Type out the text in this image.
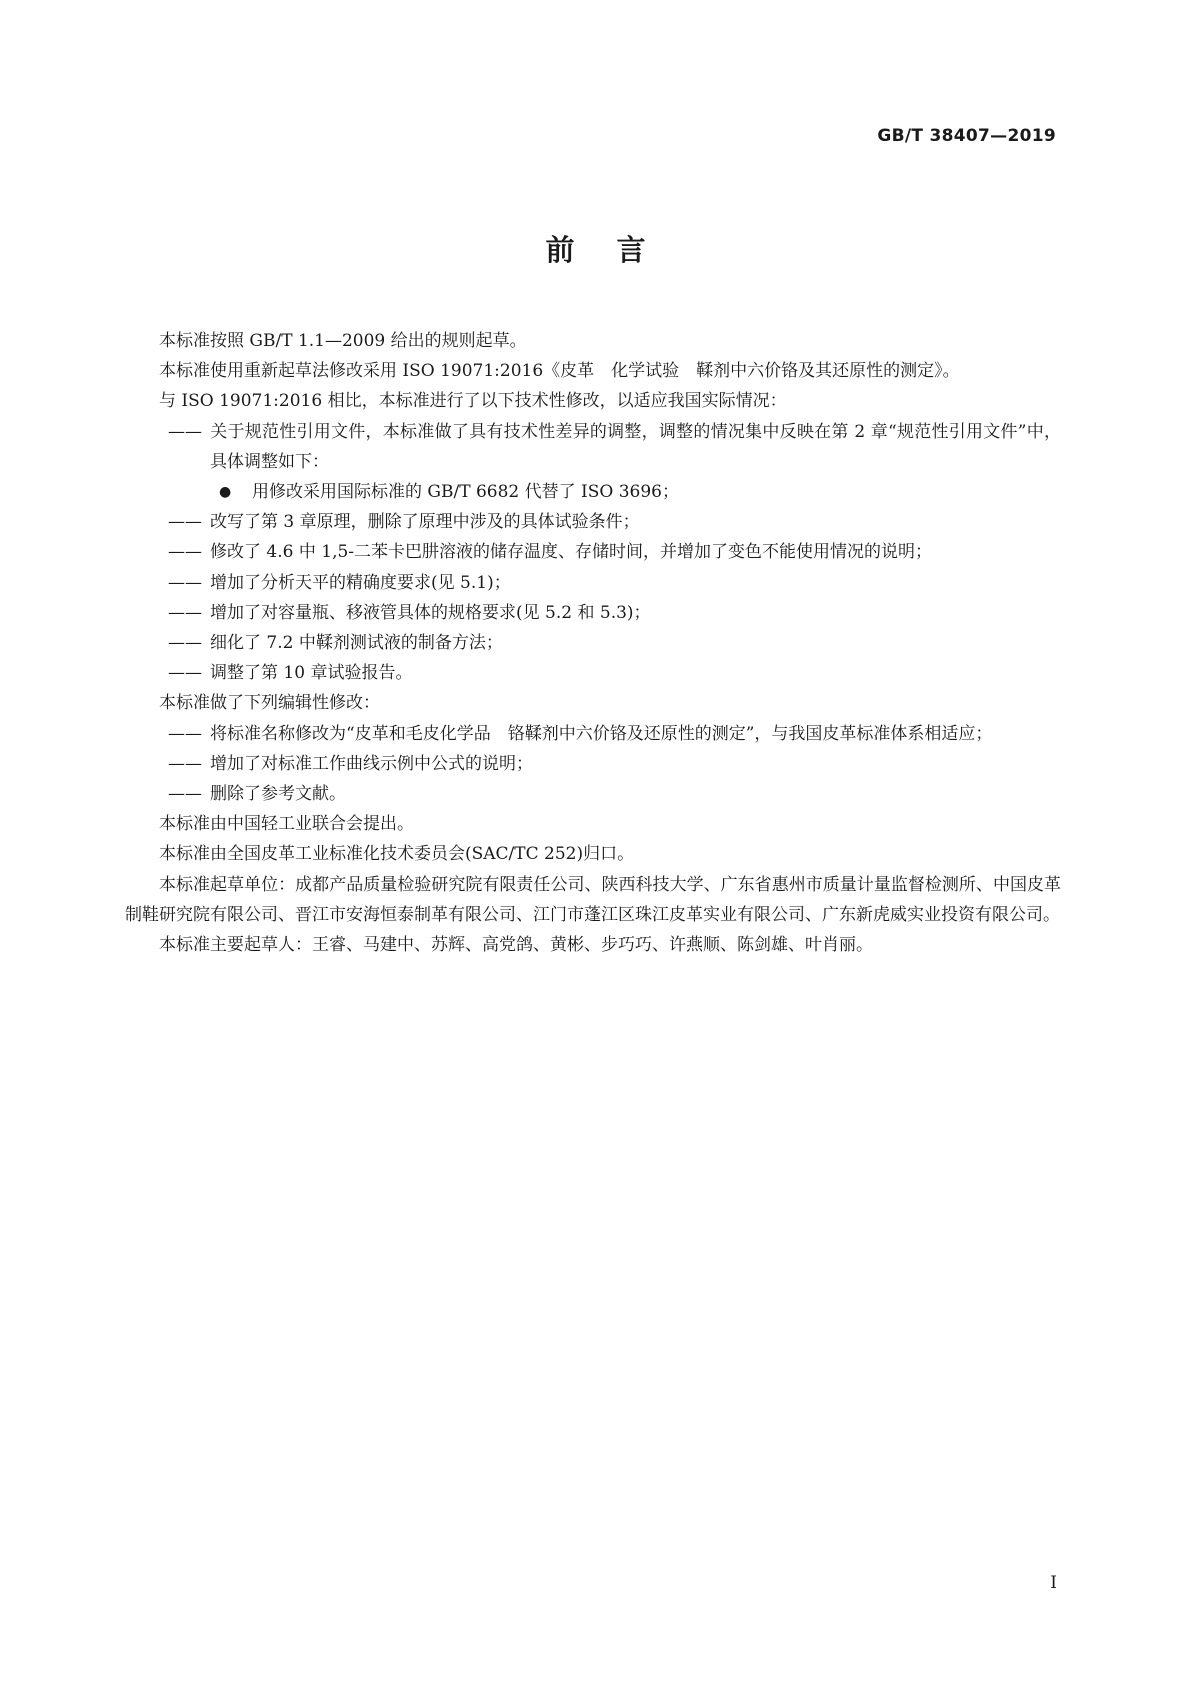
GB/T 38407—2019
前言

本标准按照 GB/T 1.1—2009 给出的规则起草。

本标准使用重新起草法修改采用 ISO 19071:2016《皮革　化学试验　鞣剂中六价铬及其还原性的测定》。

与 ISO 19071:2016 相比，本标准进行了以下技术性修改，以适应我国实际情况：

—— 关于规范性引用文件，本标准做了具有技术性差异的调整，调整的情况集中反映在第 2 章“规范性引用文件”中，具体调整如下：

●	用修改采用国际标准的 GB/T 6682 代替了 ISO 3696；

—— 改写了第 3 章原理，删除了原理中涉及的具体试验条件；

—— 修改了 4.6 中 1,5-二苯卡巴肼溶液的储存温度、存储时间，并增加了变色不能使用情况的说明；

—— 增加了分析天平的精确度要求(见 5.1)；

—— 增加了对容量瓶、移液管具体的规格要求(见 5.2 和 5.3)；

—— 细化了 7.2 中鞣剂测试液的制备方法；

—— 调整了第 10 章试验报告。

本标准做了下列编辑性修改：

—— 将标准名称修改为“皮革和毛皮化学品　铬鞣剂中六价铬及还原性的测定”，与我国皮革标准体系相适应；

—— 增加了对标准工作曲线示例中公式的说明；

—— 删除了参考文献。

本标准由中国轻工业联合会提出。

本标准由全国皮革工业标准化技术委员会(SAC/TC 252)归口。

本标准起草单位：成都产品质量检验研究院有限责任公司、陕西科技大学、广东省惠州市质量计量监督检测所、中国皮革制鞋研究院有限公司、晋江市安海恒泰制革有限公司、江门市蓬江区珠江皮革实业有限公司、广东新虎威实业投资有限公司。

本标准主要起草人：王睿、马建中、苏辉、高党鸽、黄彬、步巧巧、许燕顺、陈剑雄、叶肖丽。

I
